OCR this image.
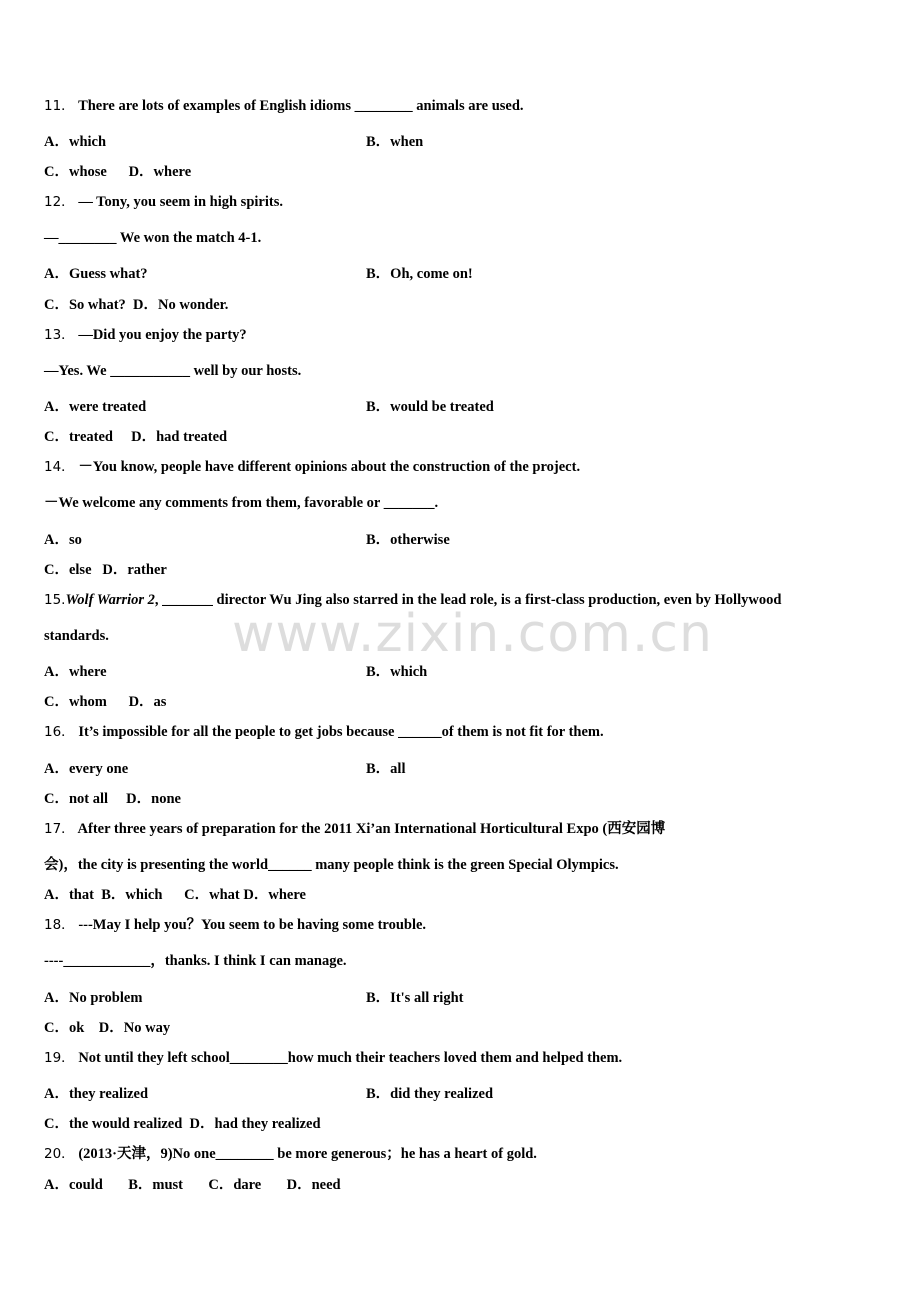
11． There are lots of examples of English idioms ________ animals are used.
A．which	B．when
C．whose      D．where
12． — Tony, you seem in high spirits.
—________ We won the match 4-1.
A．Guess what?	B．Oh, come on!
C．So what?  D．No wonder.
13． —Did you enjoy the party?
—Yes. We ___________ well by our hosts.
A．were treated	B．would be treated
C．treated     D．had treated
14． －You know, people have different opinions about the construction of the project.
－We welcome any comments from them, favorable or _______.
A．so	B．otherwise
C．else   D．rather
15.Wolf Warrior 2, _______ director Wu Jing also starred in the lead role, is a first-class production, even by Hollywood
standards.
A．where	B．which
C．whom      D．as
16． It’s impossible for all the people to get jobs because ______of them is not fit for them.
A．every one	B．all
C．not all     D．none
17． After three years of preparation for the 2011 Xi’an International Horticultural Expo (西安园博
会)，the city is presenting the world______ many people think is the green Special Olympics.
A．that  B．which      C．what D．where
18． ---May I help you？You seem to be having some trouble.
----____________，thanks. I think I can manage.
A．No problem	B．It's all right
C．ok    D．No way
19． Not until they left school________how much their teachers loved them and helped them.
A．they realized	B．did they realized
C．the would realized  D．had they realized
20． (2013·天津，9)No one________ be more generous；he has a heart of gold.
A．could       B．must       C．dare       D．need
www.zixin.com.cn
